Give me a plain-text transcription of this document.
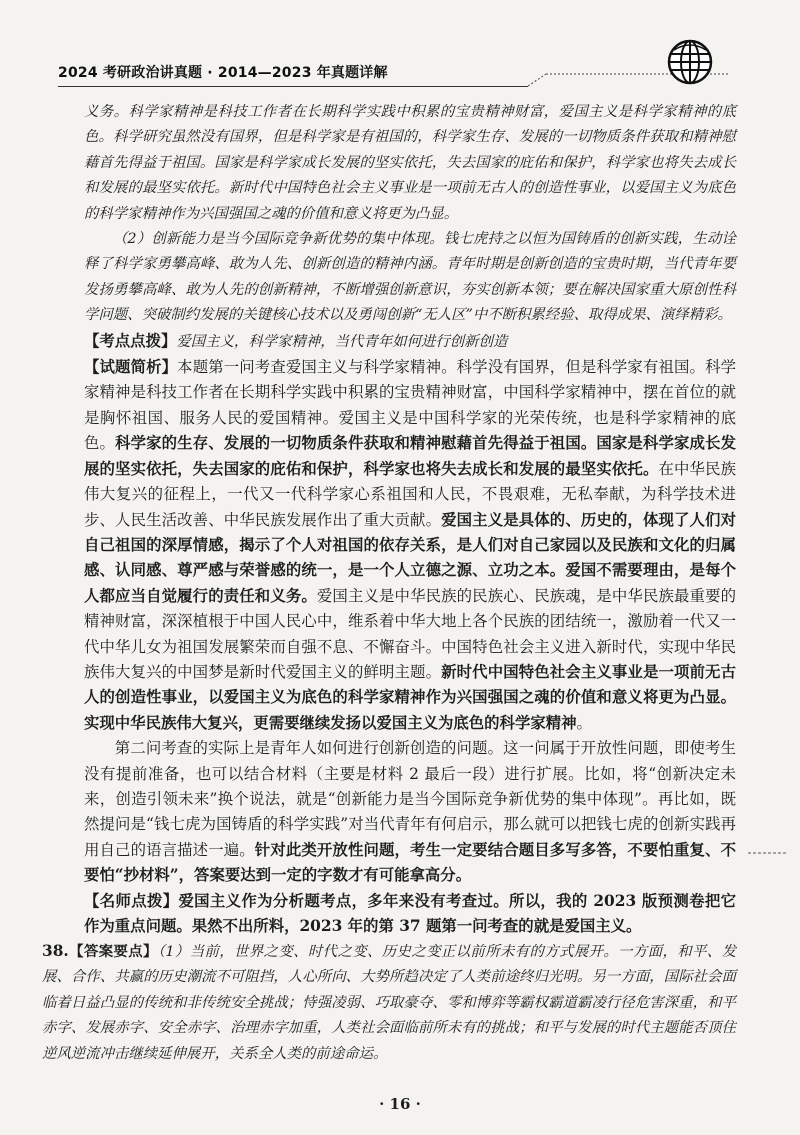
2024 考研政治讲真题 · 2014—2023 年真题详解

义务。科学家精神是科技工作者在长期科学实践中积累的宝贵精神财富，爱国主义是科学家精神的底色。科学研究虽然没有国界，但是科学家是有祖国的，科学家生存、发展的一切物质条件获取和精神慰藉首先得益于祖国。国家是科学家成长发展的坚实依托，失去国家的庇佑和保护，科学家也将失去成长和发展的最坚实依托。新时代中国特色社会主义事业是一项前无古人的创造性事业，以爱国主义为底色的科学家精神作为兴国强国之魂的价值和意义将更为凸显。

（2）创新能力是当今国际竞争新优势的集中体现。钱七虎持之以恒为国铸盾的创新实践，生动诠释了科学家勇攀高峰、敢为人先、创新创造的精神内涵。青年时期是创新创造的宝贵时期，当代青年要发扬勇攀高峰、敢为人先的创新精神，不断增强创新意识，夯实创新本领；要在解决国家重大原创性科学问题、突破制约发展的关键核心技术以及勇闯创新“无人区”中不断积累经验、取得成果、演绎精彩。

【考点点拨】爱国主义，科学家精神，当代青年如何进行创新创造

【试题简析】本题第一问考查爱国主义与科学家精神。科学没有国界，但是科学家有祖国。科学家精神是科技工作者在长期科学实践中积累的宝贵精神财富，中国科学家精神中，摆在首位的就是胸怀祖国、服务人民的爱国精神。爱国主义是中国科学家的光荣传统，也是科学家精神的底色。科学家的生存、发展的一切物质条件获取和精神慰藉首先得益于祖国。国家是科学家成长发展的坚实依托，失去国家的庇佑和保护，科学家也将失去成长和发展的最坚实依托。在中华民族伟大复兴的征程上，一代又一代科学家心系祖国和人民，不畏艰难，无私奉献，为科学技术进步、人民生活改善、中华民族发展作出了重大贡献。爱国主义是具体的、历史的，体现了人们对自己祖国的深厚情感，揭示了个人对祖国的依存关系，是人们对自己家园以及民族和文化的归属感、认同感、尊严感与荣誉感的统一，是一个人立德之源、立功之本。爱国不需要理由，是每个人都应当自觉履行的责任和义务。爱国主义是中华民族的民族心、民族魂，是中华民族最重要的精神财富，深深植根于中国人民心中，维系着中华大地上各个民族的团结统一，激励着一代又一代中华儿女为祖国发展繁荣而自强不息、不懈奋斗。中国特色社会主义进入新时代，实现中华民族伟大复兴的中国梦是新时代爱国主义的鲜明主题。新时代中国特色社会主义事业是一项前无古人的创造性事业，以爱国主义为底色的科学家精神作为兴国强国之魂的价值和意义将更为凸显。实现中华民族伟大复兴，更需要继续发扬以爱国主义为底色的科学家精神。

第二问考查的实际上是青年人如何进行创新创造的问题。这一问属于开放性问题，即使考生没有提前准备，也可以结合材料（主要是材料 2 最后一段）进行扩展。比如，将“创新决定未来，创造引领未来”换个说法，就是“创新能力是当今国际竞争新优势的集中体现”。再比如，既然提问是“钱七虎为国铸盾的科学实践”对当代青年有何启示，那么就可以把钱七虎的创新实践再用自己的语言描述一遍。针对此类开放性问题，考生一定要结合题目多写多答，不要怕重复、不要怕“抄材料”，答案要达到一定的字数才有可能拿高分。

【名师点拨】爱国主义作为分析题考点，多年来没有考查过。所以，我的 2023 版预测卷把它作为重点问题。果然不出所料，2023 年的第 37 题第一问考查的就是爱国主义。

38.【答案要点】（1）当前，世界之变、时代之变、历史之变正以前所未有的方式展开。一方面，和平、发展、合作、共赢的历史潮流不可阻挡，人心所向、大势所趋决定了人类前途终归光明。另一方面，国际社会面临着日益凸显的传统和非传统安全挑战；恃强凌弱、巧取豪夺、零和博弈等霸权霸道霸凌行径危害深重，和平赤字、发展赤字、安全赤字、治理赤字加重，人类社会面临前所未有的挑战；和平与发展的时代主题能否顶住逆风逆流冲击继续延伸展开，关系全人类的前途命运。

· 16 ·
